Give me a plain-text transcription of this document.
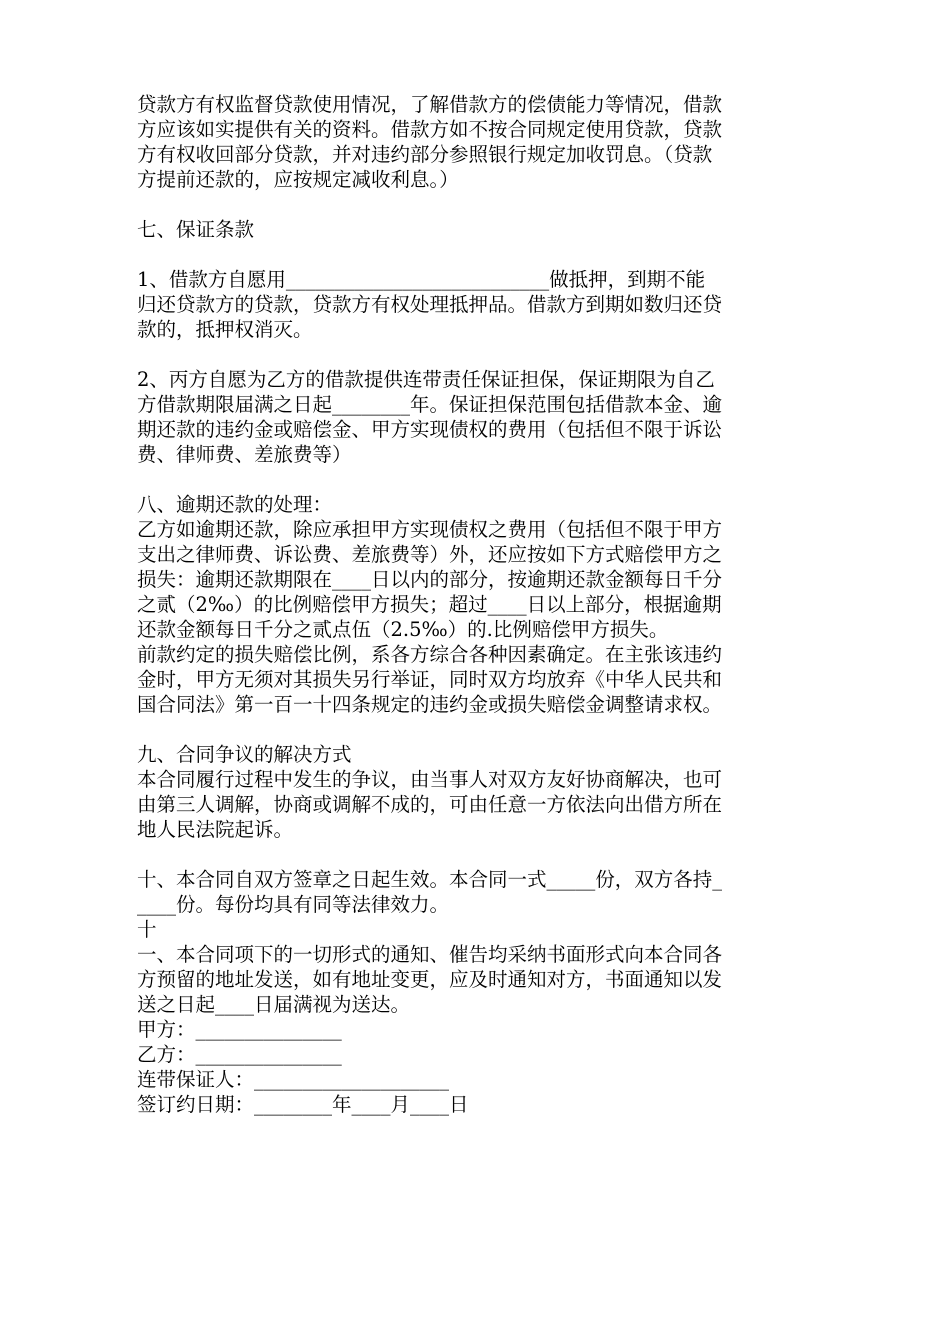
贷款方有权监督贷款使用情况，了解借款方的偿债能力等情况，借款
方应该如实提供有关的资料。借款方如不按合同规定使用贷款，贷款
方有权收回部分贷款，并对违约部分参照银行规定加收罚息。（贷款
方提前还款的，应按规定减收利息。）
七、保证条款
1、借款方自愿用___________________________做抵押，到期不能
归还贷款方的贷款，贷款方有权处理抵押品。借款方到期如数归还贷
款的，抵押权消灭。
2、丙方自愿为乙方的借款提供连带责任保证担保，保证期限为自乙
方借款期限届满之日起________年。保证担保范围包括借款本金、逾
期还款的违约金或赔偿金、甲方实现债权的费用（包括但不限于诉讼
费、律师费、差旅费等）
八、逾期还款的处理：
乙方如逾期还款，除应承担甲方实现债权之费用（包括但不限于甲方
支出之律师费、诉讼费、差旅费等）外，还应按如下方式赔偿甲方之
损失：逾期还款期限在____日以内的部分，按逾期还款金额每日千分
之贰（2‰）的比例赔偿甲方损失；超过____日以上部分，根据逾期
还款金额每日千分之贰点伍（2.5‰）的.比例赔偿甲方损失。
前款约定的损失赔偿比例，系各方综合各种因素确定。在主张该违约
金时，甲方无须对其损失另行举证，同时双方均放弃《中华人民共和
国合同法》第一百一十四条规定的违约金或损失赔偿金调整请求权。
九、合同争议的解决方式
本合同履行过程中发生的争议，由当事人对双方友好协商解决，也可
由第三人调解，协商或调解不成的，可由任意一方依法向出借方所在
地人民法院起诉。
十、本合同自双方签章之日起生效。本合同一式_____份，双方各持_
____份。每份均具有同等法律效力。
十
一、本合同项下的一切形式的通知、催告均采纳书面形式向本合同各
方预留的地址发送，如有地址变更，应及时通知对方，书面通知以发
送之日起____日届满视为送达。
甲方：_______________
乙方：_______________
连带保证人：____________________
签订约日期：________年____月____日
